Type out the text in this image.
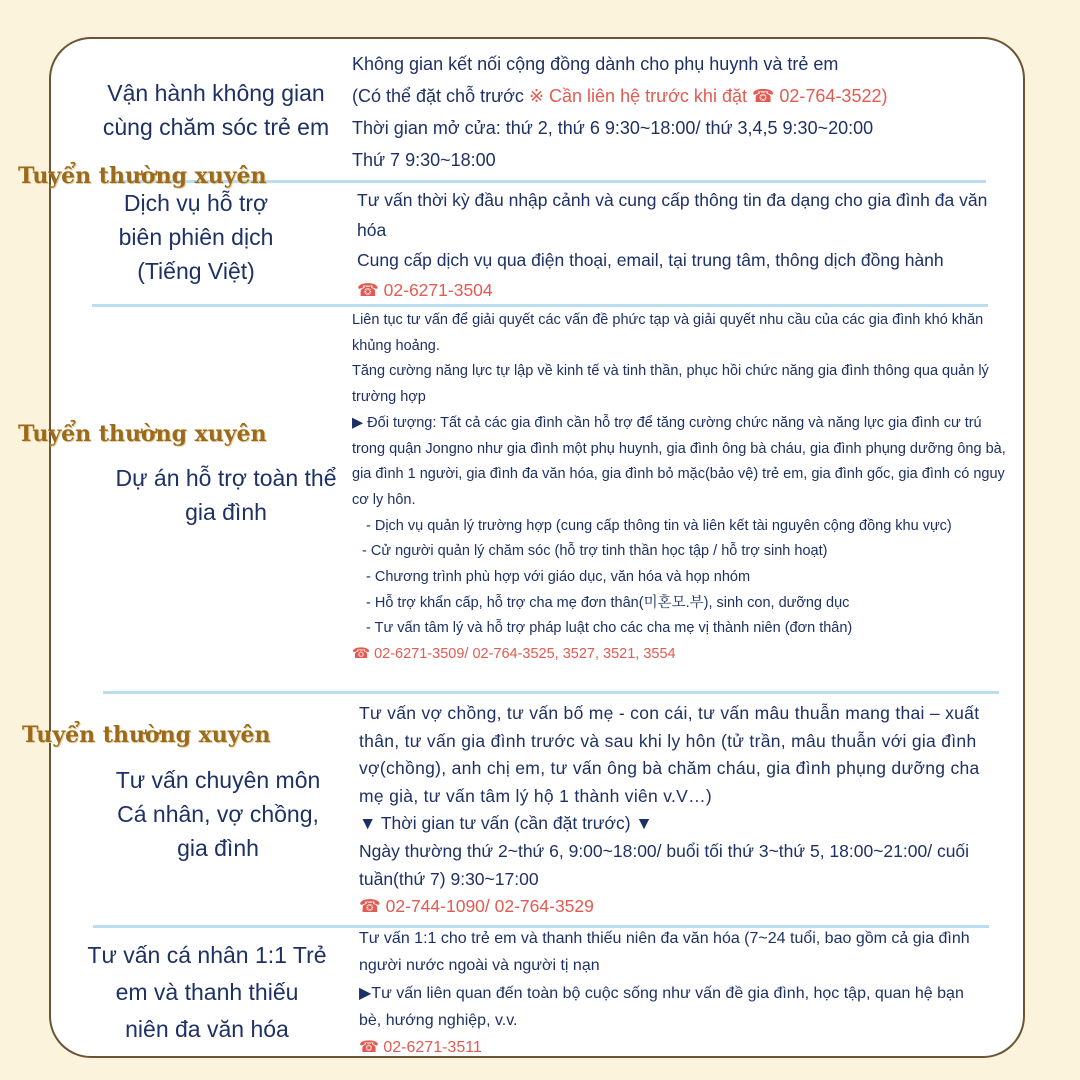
Tuyển thường xuyên
Tuyển thường xuyên
Tuyển thường xuyên
Vận hành không gian
cùng chăm sóc trẻ em

Không gian kết nối cộng đồng dành cho phụ huynh và trẻ em

(Có thể đặt chỗ trước ※ Cần liên hệ trước khi đặt ☎ 02-764-3522)

Thời gian mở cửa: thứ 2, thứ 6 9:30~18:00/ thứ 3,4,5 9:30~20:00

Thứ 7 9:30~18:00

Dịch vụ hỗ trợ
biên phiên dịch
(Tiếng Việt)

Tư vấn thời kỳ đầu nhập cảnh và cung cấp thông tin đa dạng cho gia đình đa văn hóa

Cung cấp dịch vụ qua điện thoại, email, tại trung tâm, thông dịch đồng hành

☎ 02-6271-3504

Dự án hỗ trợ toàn thể
gia đình

Liên tục tư vấn để giải quyết các vấn đề phức tạp và giải quyết nhu cầu của các gia đình khó khăn khủng hoảng.

Tăng cường năng lực tự lập về kinh tế và tinh thần, phục hồi chức năng gia đình thông qua quản lý trường hợp

▶ Đối tượng: Tất cả các gia đình cần hỗ trợ để tăng cường chức năng và năng lực gia đình cư trú trong quận Jongno như gia đình một phụ huynh, gia đình ông bà cháu, gia đình phụng dưỡng ông bà, gia đình 1 người, gia đình đa văn hóa, gia đình bỏ mặc(bảo vệ) trẻ em, gia đình gốc, gia đình có nguy cơ ly hôn.

- Dịch vụ quản lý trường hợp (cung cấp thông tin và liên kết tài nguyên cộng đồng khu vực)

- Cử người quản lý chăm sóc (hỗ trợ tinh thần học tập / hỗ trợ sinh hoạt)

- Chương trình phù hợp với giáo dục, văn hóa và họp nhóm

- Hỗ trợ khẩn cấp, hỗ trợ cha mẹ đơn thân(미혼모.부), sinh con, dưỡng dục

- Tư vấn tâm lý và hỗ trợ pháp luật cho các cha mẹ vị thành niên (đơn thân)

☎ 02-6271-3509/ 02-764-3525, 3527, 3521, 3554

Tư vấn chuyên môn
Cá nhân, vợ chồng,
gia đình

Tư vấn vợ chồng, tư vấn bố mẹ - con cái, tư vấn mâu thuẫn mang thai – xuất thân, tư vấn gia đình trước và sau khi ly hôn (tử trần, mâu thuẫn với gia đình vợ(chồng), anh chị em, tư vấn ông bà chăm cháu, gia đình phụng dưỡng cha mẹ già, tư vấn tâm lý hộ 1 thành viên v.V…)

▼ Thời gian tư vấn (cần đặt trước) ▼

Ngày thường thứ 2~thứ 6, 9:00~18:00/ buổi tối thứ 3~thứ 5, 18:00~21:00/ cuối tuần(thứ 7) 9:30~17:00

☎ 02-744-1090/ 02-764-3529

Tư vấn cá nhân 1:1 Trẻ
em và thanh thiếu
niên đa văn hóa

Tư vấn 1:1 cho trẻ em và thanh thiếu niên đa văn hóa (7~24 tuổi, bao gồm cả gia đình người nước ngoài và người tị nạn

▶Tư vấn liên quan đến toàn bộ cuộc sống như vấn đề gia đình, học tập, quan hệ bạn bè, hướng nghiệp, v.v.

☎ 02-6271-3511
